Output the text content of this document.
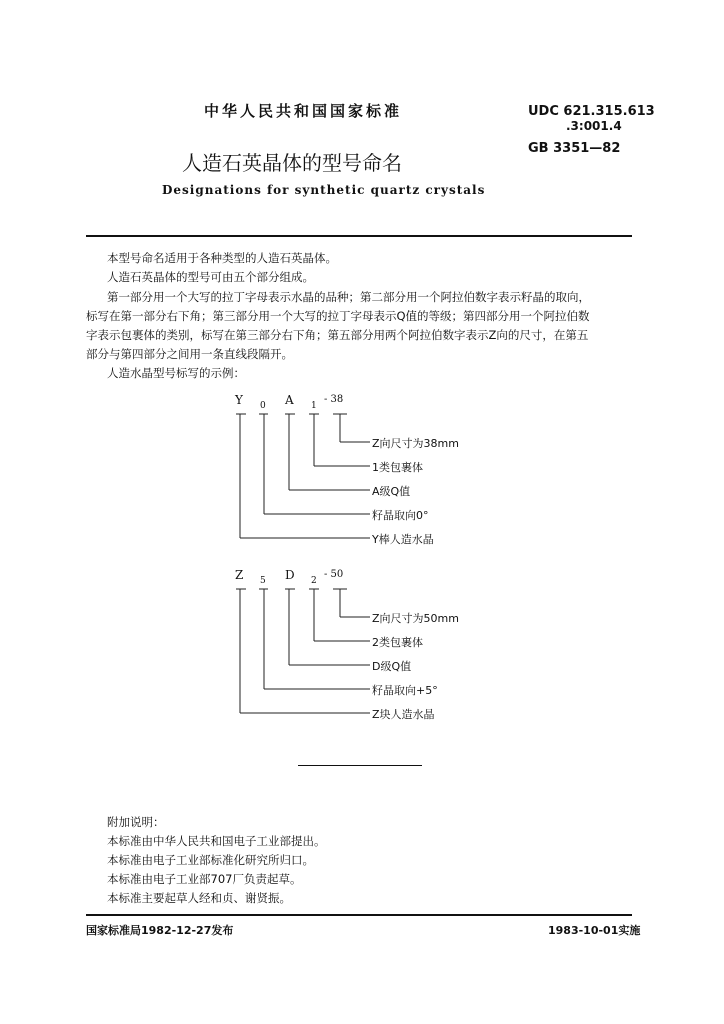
中华人民共和国国家标准	UDC 621.315.613
.3:001.4
GB 3351—82
人造石英晶体的型号命名
Designations for synthetic quartz crystals
本型号命名适用于各种类型的人造石英晶体。
人造石英晶体的型号可由五个部分组成。
第一部分用一个大写的拉丁字母表示水晶的品种；第二部分用一个阿拉伯数字表示籽晶的取向，
标写在第一部分右下角；第三部分用一个大写的拉丁字母表示Q值的等级；第四部分用一个阿拉伯数
字表示包裹体的类别，标写在第三部分右下角；第五部分用两个阿拉伯数字表示Z向的尺寸，在第五
部分与第四部分之间用一条直线段隔开。
人造水晶型号标写的示例：
Y 0 A 1
- 38
Z向尺寸为38mm
1类包裹体
A级Q值
籽晶取向0°
Y棒人造水晶
Z 5 D 2
- 50
Z向尺寸为50mm
2类包裹体
D级Q值
籽晶取向+5°
Z块人造水晶
附加说明：
本标准由中华人民共和国电子工业部提出。
本标准由电子工业部标准化研究所归口。
本标准由电子工业部707厂负责起草。
本标准主要起草人经和贞、谢贤振。
国家标准局1982-12-27发布	1983-10-01实施
